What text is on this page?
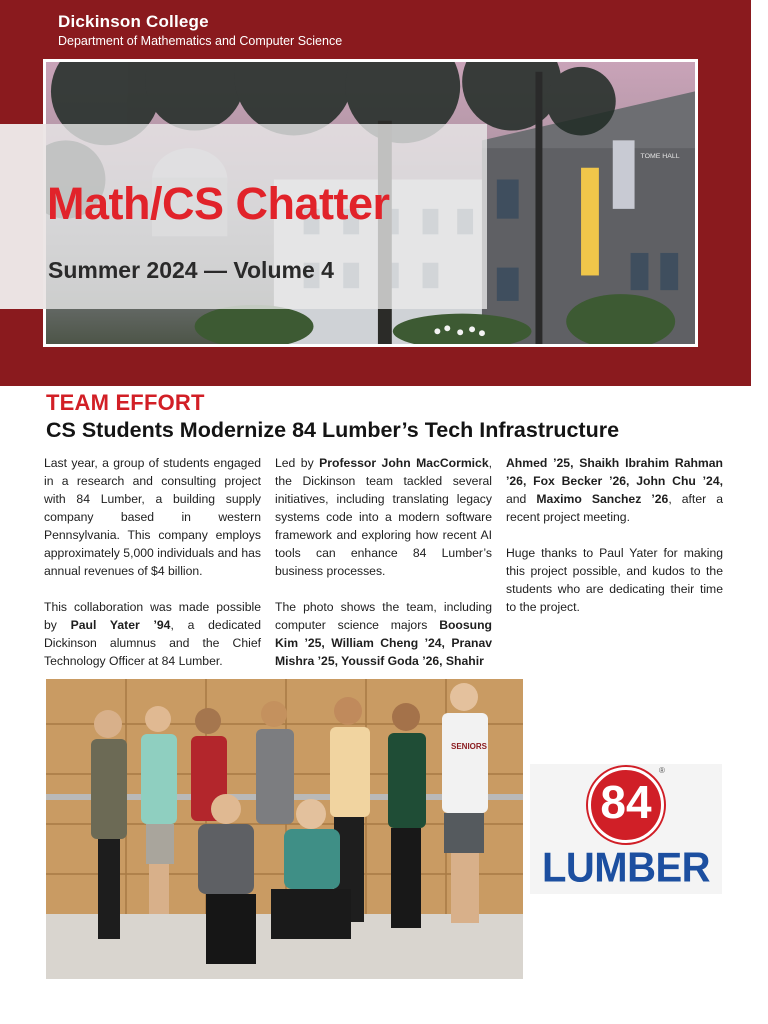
Dickinson College
Department of Mathematics and Computer Science
TOME HALL
Math/CS Chatter
Summer 2024 — Volume 4
TEAM EFFORT
CS Students Modernize 84 Lumber’s Tech Infrastructure

Last year, a group of students engaged in a research and consulting project with 84 Lumber, a building supply company based in western Pennsylvania. This company employs approximately 5,000 individuals and has annual revenues of $4 billion.

This collaboration was made possible by Paul Yater ’94, a dedicated Dickinson alumnus and the Chief Technology Officer at 84 Lumber.

Led by Professor John MacCormick, the Dickinson team tackled several initiatives, including translating legacy systems code into a modern software framework and exploring how recent AI tools can enhance 84 Lumber’s business processes.

The photo shows the team, including computer science majors Boosung Kim ’25, William Cheng ’24, Pranav Mishra ’25, Youssif Goda ’26, Shahir

Ahmed ’25, Shaikh Ibrahim Rahman ’26, Fox Becker ’26, John Chu ’24, and Maximo Sanchez ’26, after a recent project meeting.

Huge thanks to Paul Yater for making this project possible, and kudos to the students who are dedicating their time to the project.

SENIORS
84
®
LUMBER
